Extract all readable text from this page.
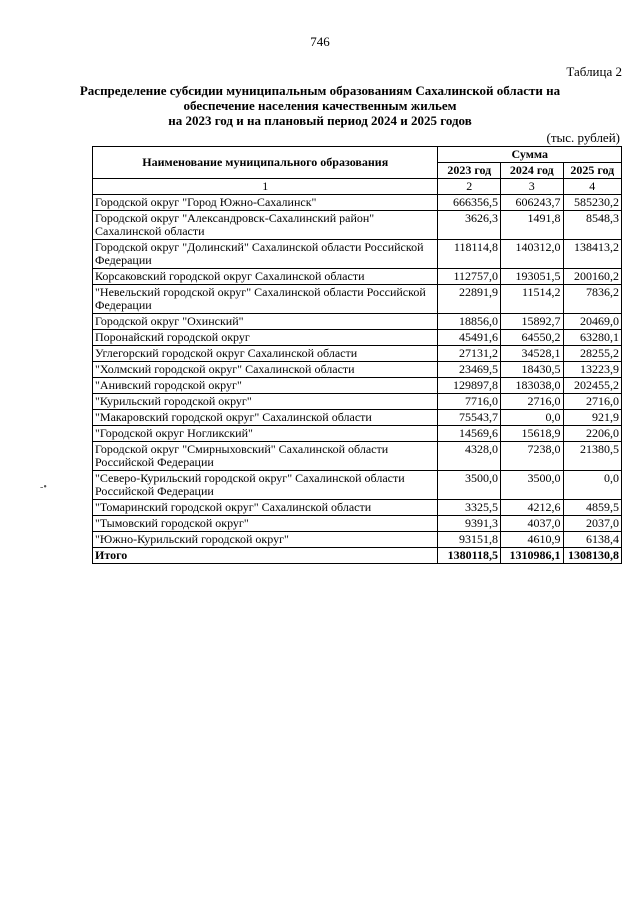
746
Таблица 2
Распределение субсидии муниципальным образованиям Сахалинской области на
обеспечение населения качественным жильем
на 2023 год и на плановый период 2024 и 2025 годов
(тыс. рублей)
-•
Наименование муниципального образования	Сумма		
	2023 год	2024 год	2025 год
1	2	3	4
Городской округ "Город Южно-Сахалинск"	666356,5	606243,7	585230,2
Городской округ "Александровск-Сахалинский район" Сахалинской области	3626,3	1491,8	8548,3
Городской округ "Долинский" Сахалинской области Российской Федерации	118114,8	140312,0	138413,2
Корсаковский городской округ Сахалинской области	112757,0	193051,5	200160,2
"Невельский городской округ" Сахалинской области Российской Федерации	22891,9	11514,2	7836,2
Городской округ "Охинский"	18856,0	15892,7	20469,0
Поронайский городской округ	45491,6	64550,2	63280,1
Углегорский городской округ Сахалинской области	27131,2	34528,1	28255,2
"Холмский городской округ" Сахалинской области	23469,5	18430,5	13223,9
"Анивский городской округ"	129897,8	183038,0	202455,2
"Курильский городской округ"	7716,0	2716,0	2716,0
"Макаровский городской округ" Сахалинской области	75543,7	0,0	921,9
"Городской округ Ногликский"	14569,6	15618,9	2206,0
Городской округ "Смирныховский" Сахалинской области Российской Федерации	4328,0	7238,0	21380,5
"Северо-Курильский городской округ" Сахалинской области Российской Федерации	3500,0	3500,0	0,0
"Томаринский городской округ" Сахалинской области	3325,5	4212,6	4859,5
"Тымовский городской округ"	9391,3	4037,0	2037,0
"Южно-Курильский городской округ"	93151,8	4610,9	6138,4
Итого	1380118,5	1310986,1	1308130,8
